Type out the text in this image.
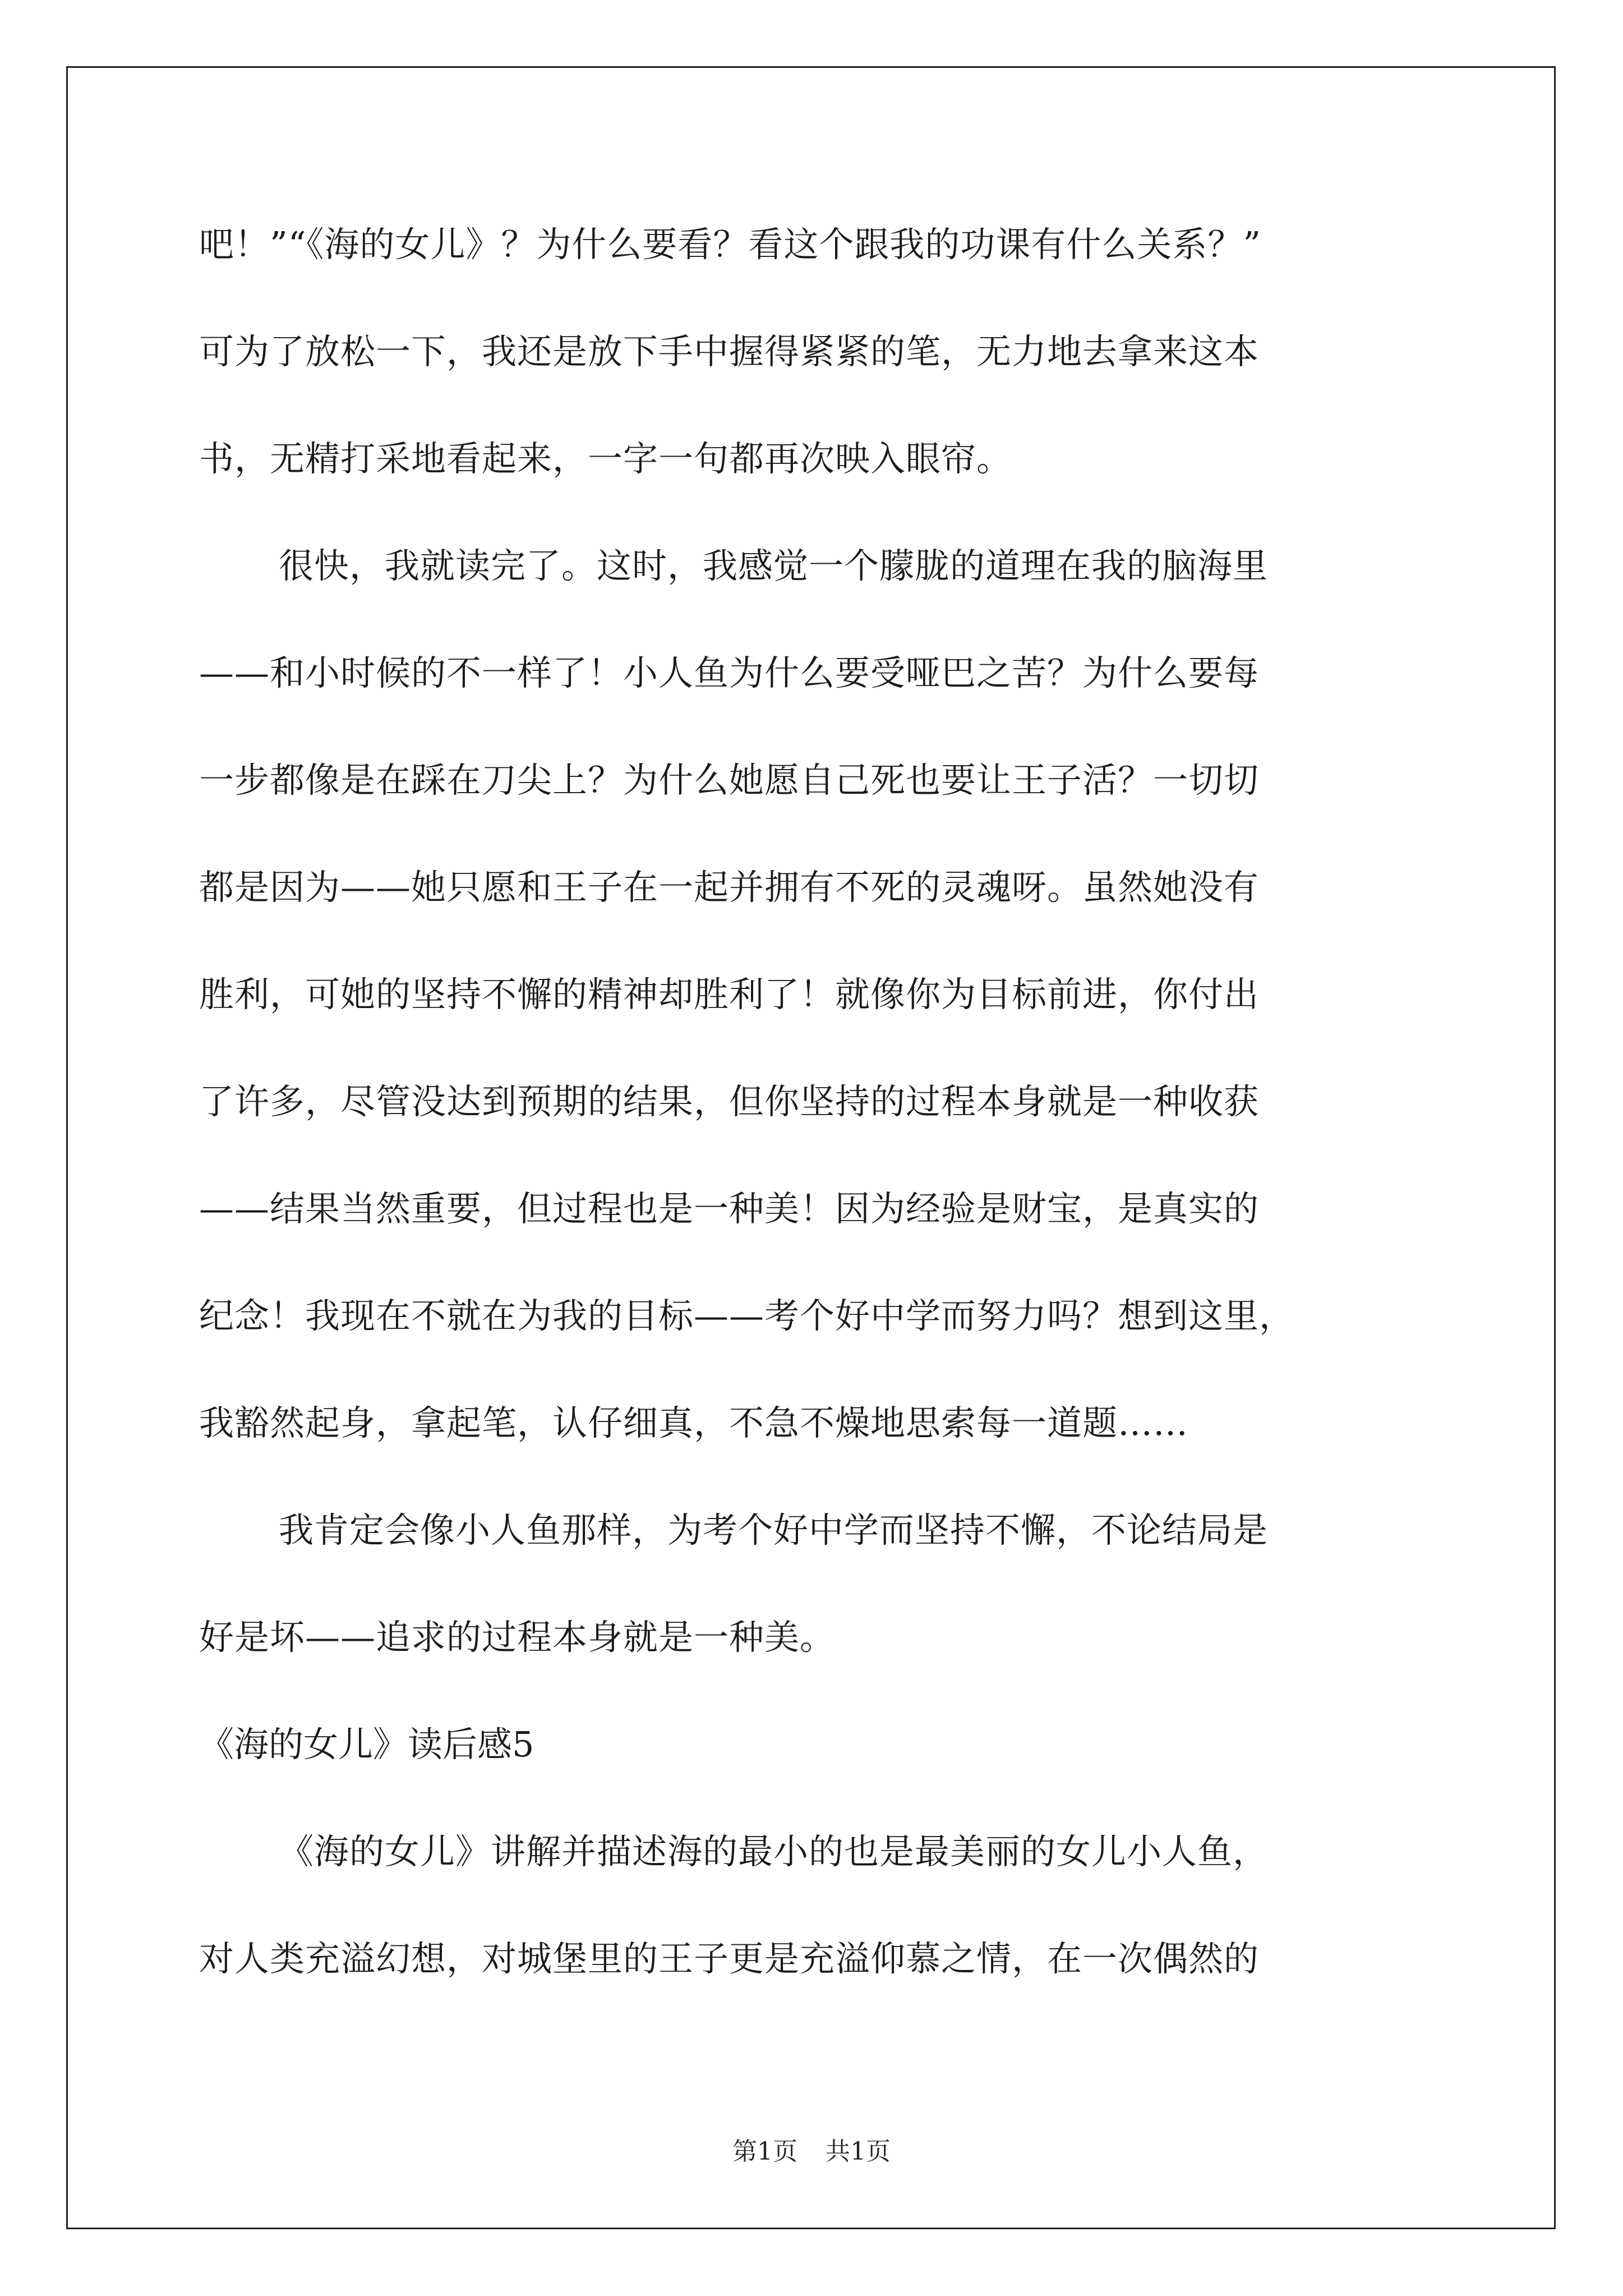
吧！”“《海的女儿》？为什么要看？看这个跟我的功课有什么关系？”
可为了放松一下，我还是放下手中握得紧紧的笔，无力地去拿来这本
书，无精打采地看起来，一字一句都再次映入眼帘。
很快，我就读完了。这时，我感觉一个朦胧的道理在我的脑海里
——和小时候的不一样了！小人鱼为什么要受哑巴之苦？为什么要每
一步都像是在踩在刀尖上？为什么她愿自己死也要让王子活？一切切
都是因为——她只愿和王子在一起并拥有不死的灵魂呀。虽然她没有
胜利，可她的坚持不懈的精神却胜利了！就像你为目标前进，你付出
了许多，尽管没达到预期的结果，但你坚持的过程本身就是一种收获
——结果当然重要，但过程也是一种美！因为经验是财宝，是真实的
纪念！我现在不就在为我的目标——考个好中学而努力吗？想到这里，
我豁然起身，拿起笔，认仔细真，不急不燥地思索每一道题……
我肯定会像小人鱼那样，为考个好中学而坚持不懈，不论结局是
好是坏——追求的过程本身就是一种美。
《海的女儿》读后感5
《海的女儿》讲解并描述海的最小的也是最美丽的女儿小人鱼，
对人类充溢幻想，对城堡里的王子更是充溢仰慕之情，在一次偶然的
第1页 共1页
